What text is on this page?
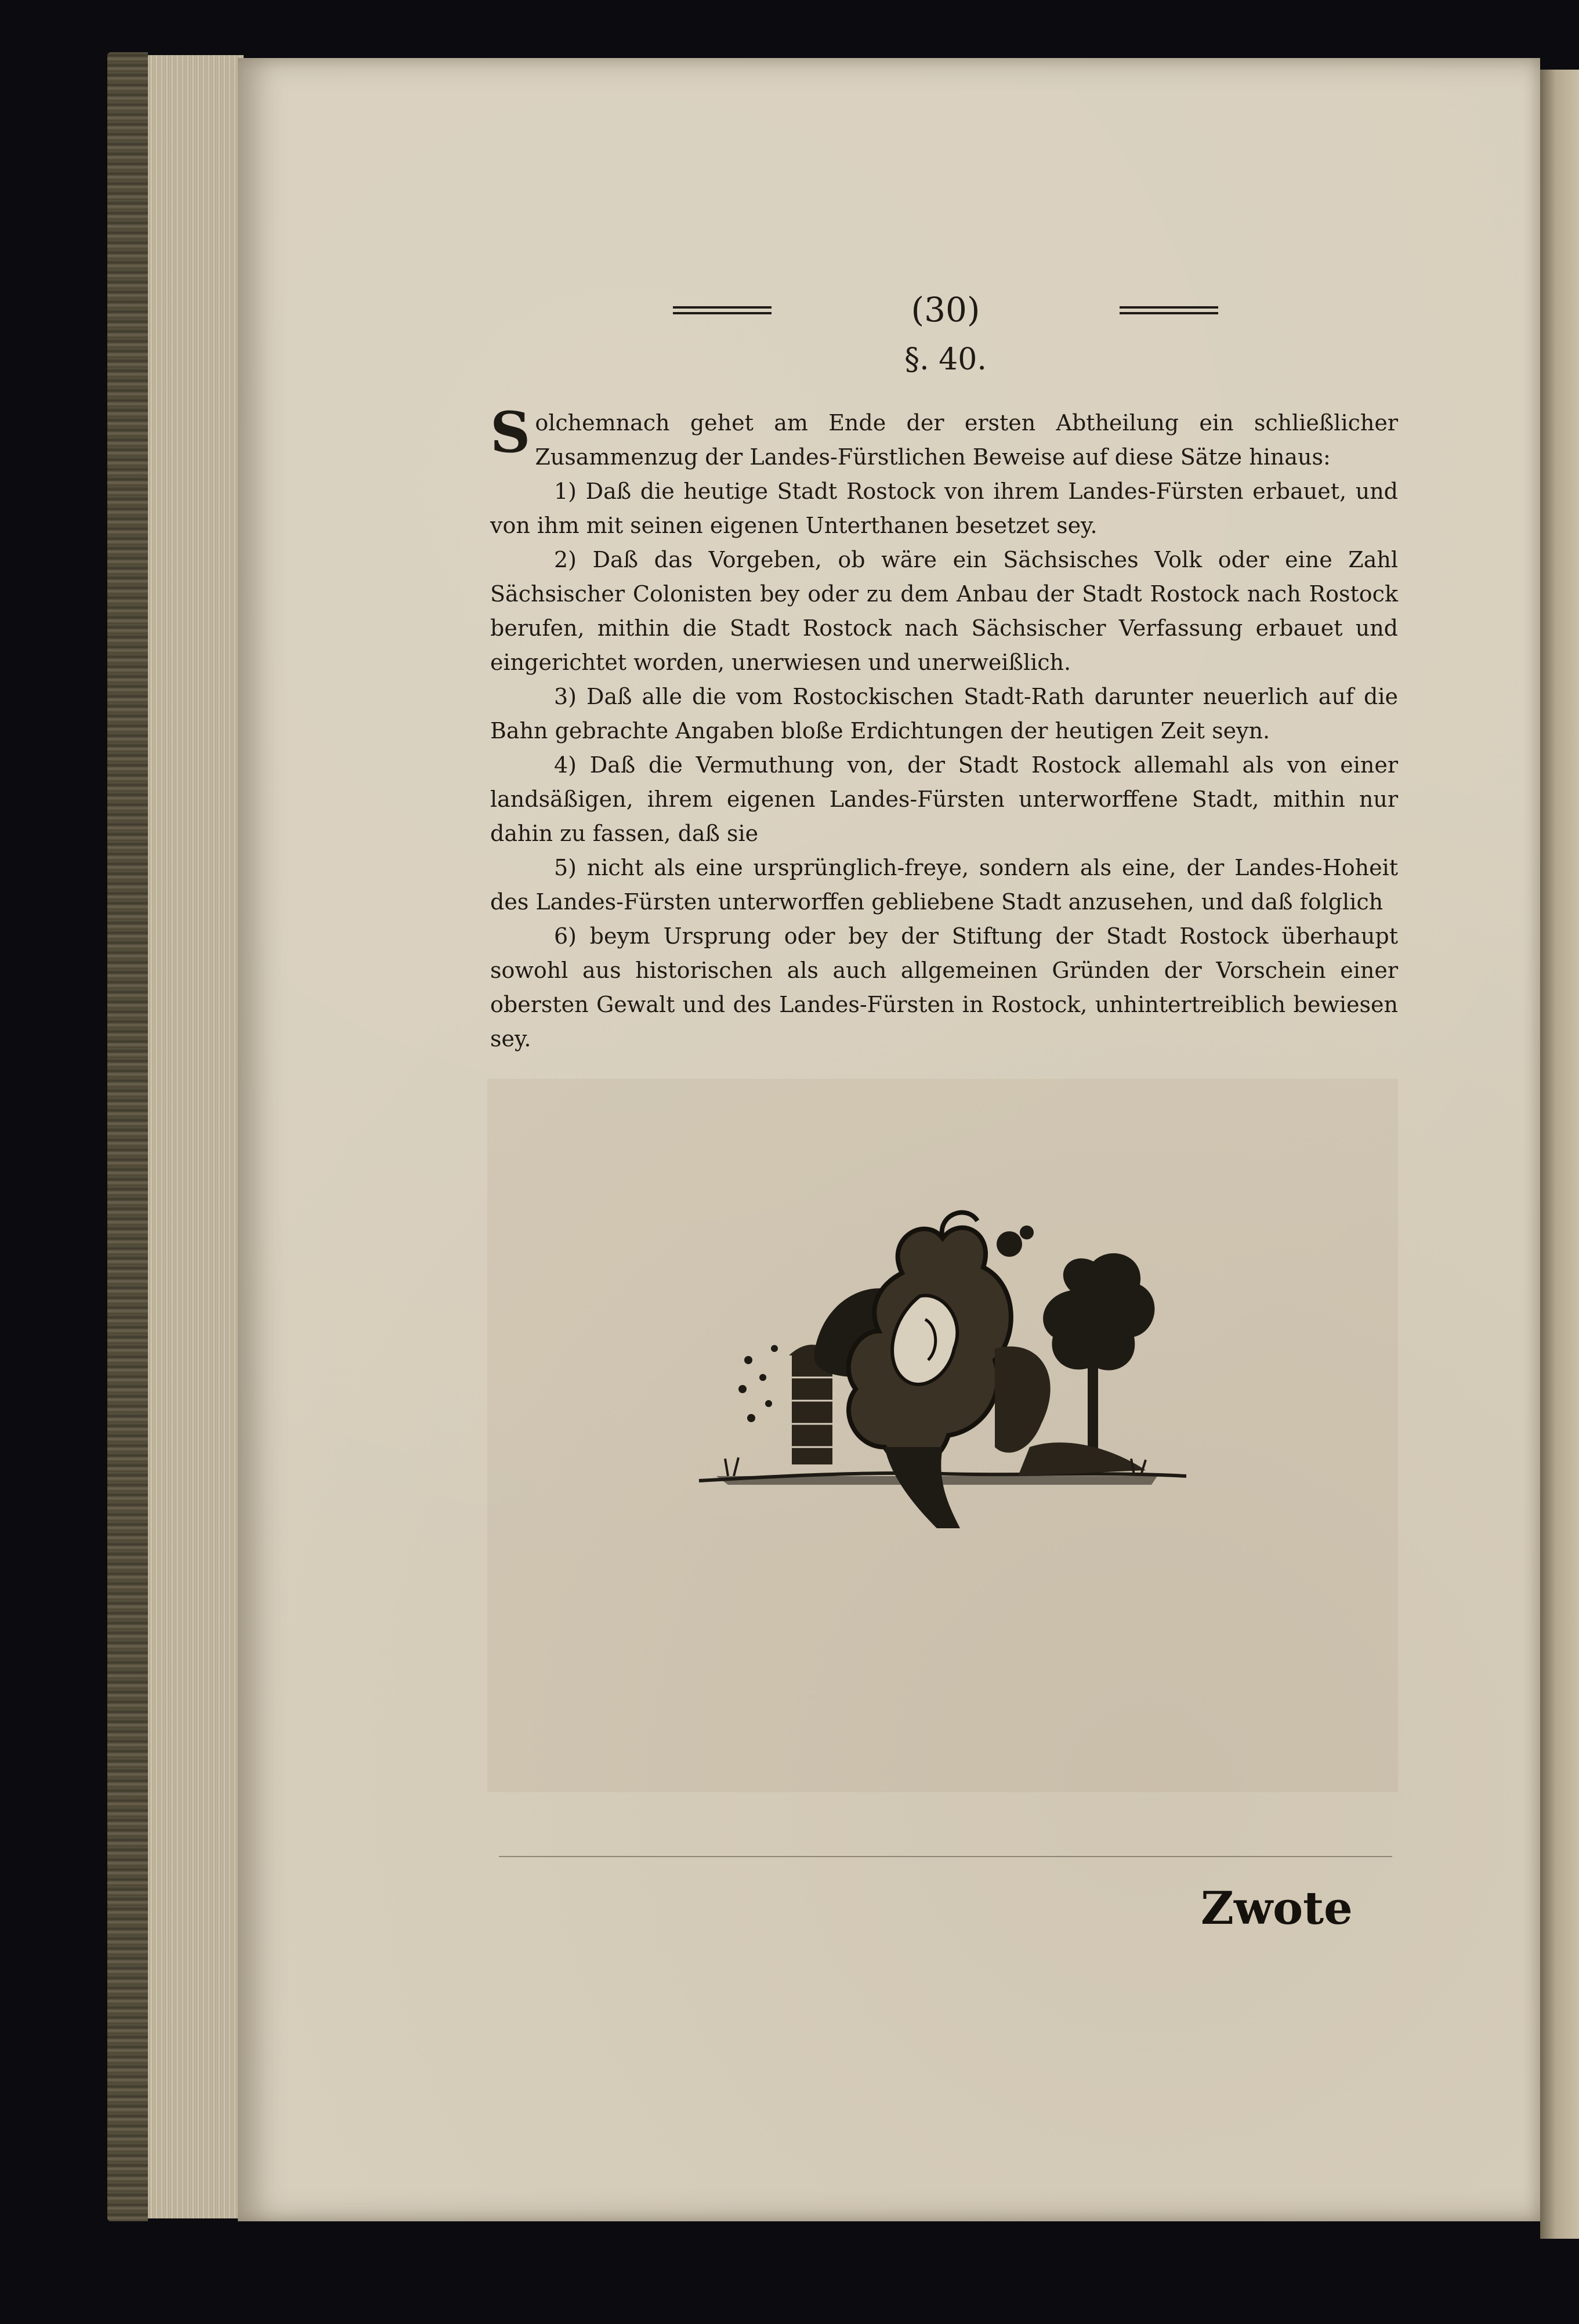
(30)
§. 40.

Solchemnach gehet am Ende der ersten Abtheilung ein schließlicher Zusammenzug der Landes-Fürstlichen Beweise auf diese Sätze hinaus:

1) Daß die heutige Stadt Rostock von ihrem Landes-Fürsten erbauet, und von ihm mit seinen eigenen Unterthanen besetzet sey.

2) Daß das Vorgeben, ob wäre ein Sächsisches Volk oder eine Zahl Sächsischer Colonisten bey oder zu dem Anbau der Stadt Rostock nach Rostock berufen, mithin die Stadt Rostock nach Sächsischer Verfassung erbauet und eingerichtet worden, unerwiesen und unerweißlich.

3) Daß alle die vom Rostockischen Stadt-Rath darunter neuerlich auf die Bahn gebrachte Angaben bloße Erdichtungen der heutigen Zeit seyn.

4) Daß die Vermuthung von, der Stadt Rostock allemahl als von einer landsäßigen, ihrem eigenen Landes-Fürsten unterworffene Stadt, mithin nur dahin zu fassen, daß sie

5) nicht als eine ursprünglich-freye, sondern als eine, der Landes-Hoheit des Landes-Fürsten unterworffen gebliebene Stadt anzusehen, und daß folglich

6) beym Ursprung oder bey der Stiftung der Stadt Rostock überhaupt sowohl aus historischen als auch allgemeinen Gründen der Vorschein einer obersten Gewalt und des Landes-Fürsten in Rostock, unhintertreiblich bewiesen sey.

Zwote
